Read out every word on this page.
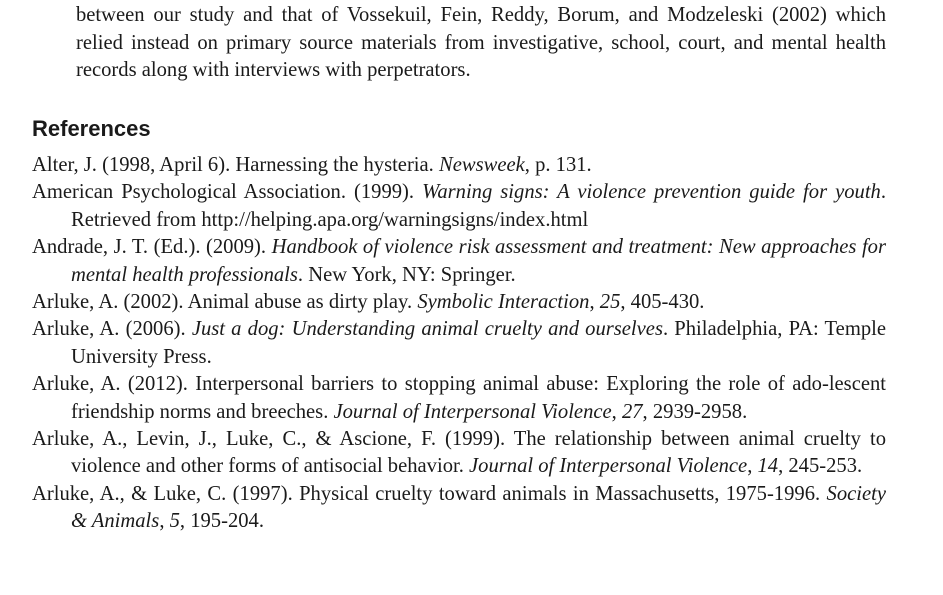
between our study and that of Vossekuil, Fein, Reddy, Borum, and Modzeleski (2002) which relied instead on primary source materials from investigative, school, court, and mental health records along with interviews with perpetrators.

References
Alter, J. (1998, April 6). Harnessing the hysteria. Newsweek, p. 131.
American Psychological Association. (1999). Warning signs: A violence prevention guide for youth. Retrieved from http://helping.apa.org/warningsigns/index.html
Andrade, J. T. (Ed.). (2009). Handbook of violence risk assessment and treatment: New approaches for mental health professionals. New York, NY: Springer.
Arluke, A. (2002). Animal abuse as dirty play. Symbolic Interaction, 25, 405-430.
Arluke, A. (2006). Just a dog: Understanding animal cruelty and ourselves. Philadelphia, PA: Temple University Press.
Arluke, A. (2012). Interpersonal barriers to stopping animal abuse: Exploring the role of ado-lescent friendship norms and breeches. Journal of Interpersonal Violence, 27, 2939-2958.
Arluke, A., Levin, J., Luke, C., & Ascione, F. (1999). The relationship between animal cruelty to violence and other forms of antisocial behavior. Journal of Interpersonal Violence, 14, 245-253.
Arluke, A., & Luke, C. (1997). Physical cruelty toward animals in Massachusetts, 1975-1996. Society & Animals, 5, 195-204.
